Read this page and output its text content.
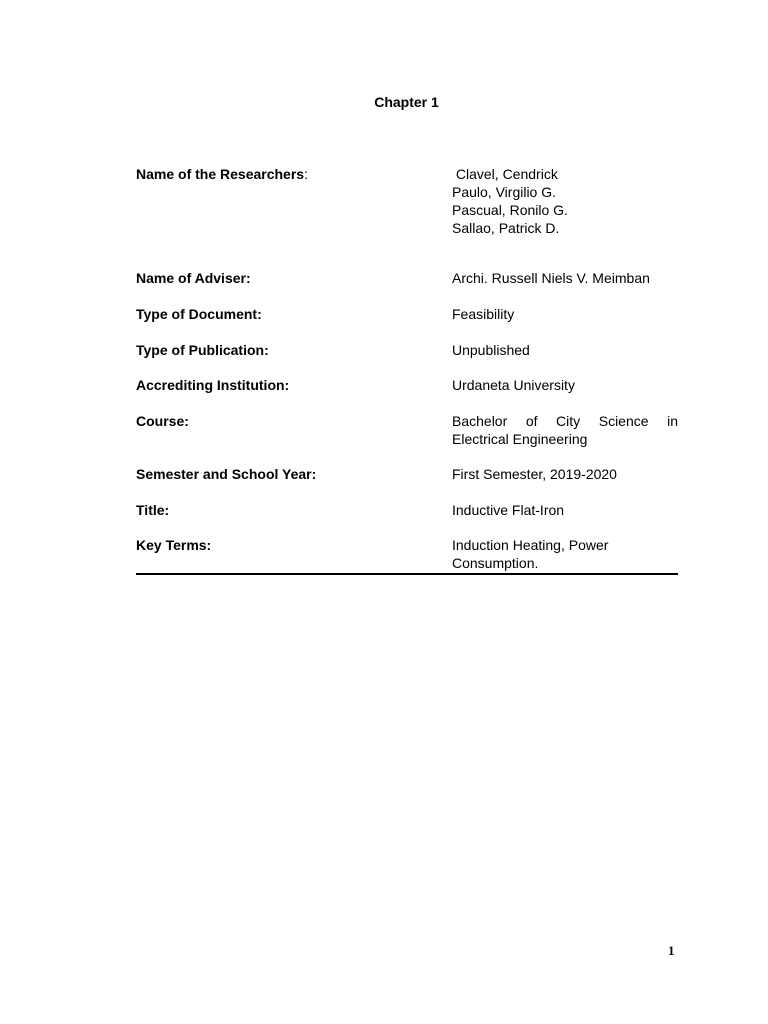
Chapter 1
Name of the Researchers:	Clavel, Cendrick
Paulo, Virgilio G.
Pascual, Ronilo G.
Sallao, Patrick D.
Name of Adviser:	Archi. Russell Niels V. Meimban
Type of Document:	Feasibility
Type of Publication:	Unpublished
Accrediting Institution:	Urdaneta University
Course:	Bachelor of City Science in
Electrical Engineering
Semester and School Year:	First Semester, 2019-2020
Title:	Inductive Flat-Iron
Key Terms:	Induction Heating, Power
Consumption.
1
